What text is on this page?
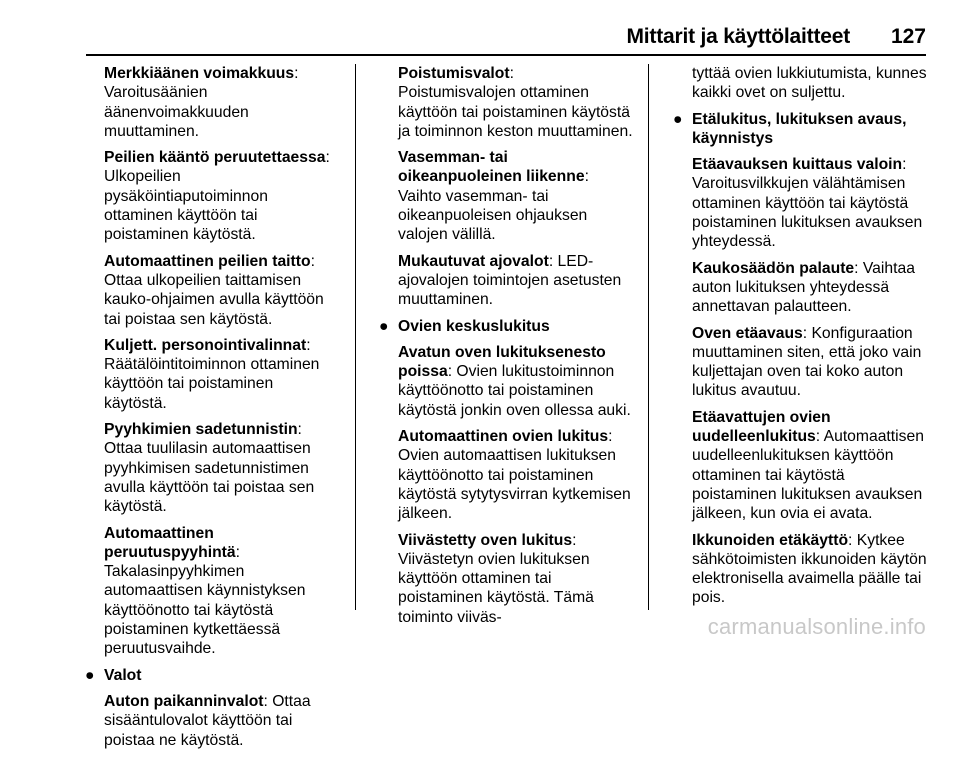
Mittarit ja käyttölaitteet 127

Merkkiäänen voimakkuus: Varoitusäänien äänenvoimakkuuden muuttaminen.

Peilien kääntö peruutettaessa: Ulkopeilien pysäköintiaputoiminnon ottaminen käyttöön tai poistaminen käytöstä.

Automaattinen peilien taitto: Ottaa ulkopeilien taittamisen kauko-ohjaimen avulla käyttöön tai poistaa sen käytöstä.

Kuljett. personointivalinnat: Räätälöintitoiminnon ottaminen käyttöön tai poistaminen käytöstä.

Pyyhkimien sadetunnistin: Ottaa tuulilasin automaattisen pyyhkimisen sadetunnistimen avulla käyttöön tai poistaa sen käytöstä.

Automaattinen peruutuspyyhintä: Takalasinpyyhkimen automaattisen käynnistyksen käyttöönotto tai käytöstä poistaminen kytkettäessä peruutusvaihde.

● Valot

Auton paikanninvalot: Ottaa sisääntulovalot käyttöön tai poistaa ne käytöstä.

Poistumisvalot: Poistumisvalojen ottaminen käyttöön tai poistaminen käytöstä ja toiminnon keston muuttaminen.

Vasemman- tai oikeanpuoleinen liikenne: Vaihto vasemman- tai oikeanpuoleisen ohjauksen valojen välillä.

Mukautuvat ajovalot: LED-ajovalojen toimintojen asetusten muuttaminen.

● Ovien keskuslukitus

Avatun oven lukituksenesto poissa: Ovien lukitustoiminnon käyttöönotto tai poistaminen käytöstä jonkin oven ollessa auki.

Automaattinen ovien lukitus: Ovien automaattisen lukituksen käyttöönotto tai poistaminen käytöstä sytytysvirran kytkemisen jälkeen.

Viivästetty oven lukitus: Viivästetyn ovien lukituksen käyttöön ottaminen tai poistaminen käytöstä. Tämä toiminto viiväs-

tyttää ovien lukkiutumista, kunnes kaikki ovet on suljettu.

● Etälukitus, lukituksen avaus, käynnistys

Etäavauksen kuittaus valoin: Varoitusvilkkujen välähtämisen ottaminen käyttöön tai käytöstä poistaminen lukituksen avauksen yhteydessä.

Kaukosäädön palaute: Vaihtaa auton lukituksen yhteydessä annettavan palautteen.

Oven etäavaus: Konfiguraation muuttaminen siten, että joko vain kuljettajan oven tai koko auton lukitus avautuu.

Etäavattujen ovien uudelleenlukitus: Automaattisen uudelleenlukituksen käyttöön ottaminen tai käytöstä poistaminen lukituksen avauksen jälkeen, kun ovia ei avata.

Ikkunoiden etäkäyttö: Kytkee sähkötoimisten ikkunoiden käytön elektronisella avaimella päälle tai pois.

carmanualsonline.info
